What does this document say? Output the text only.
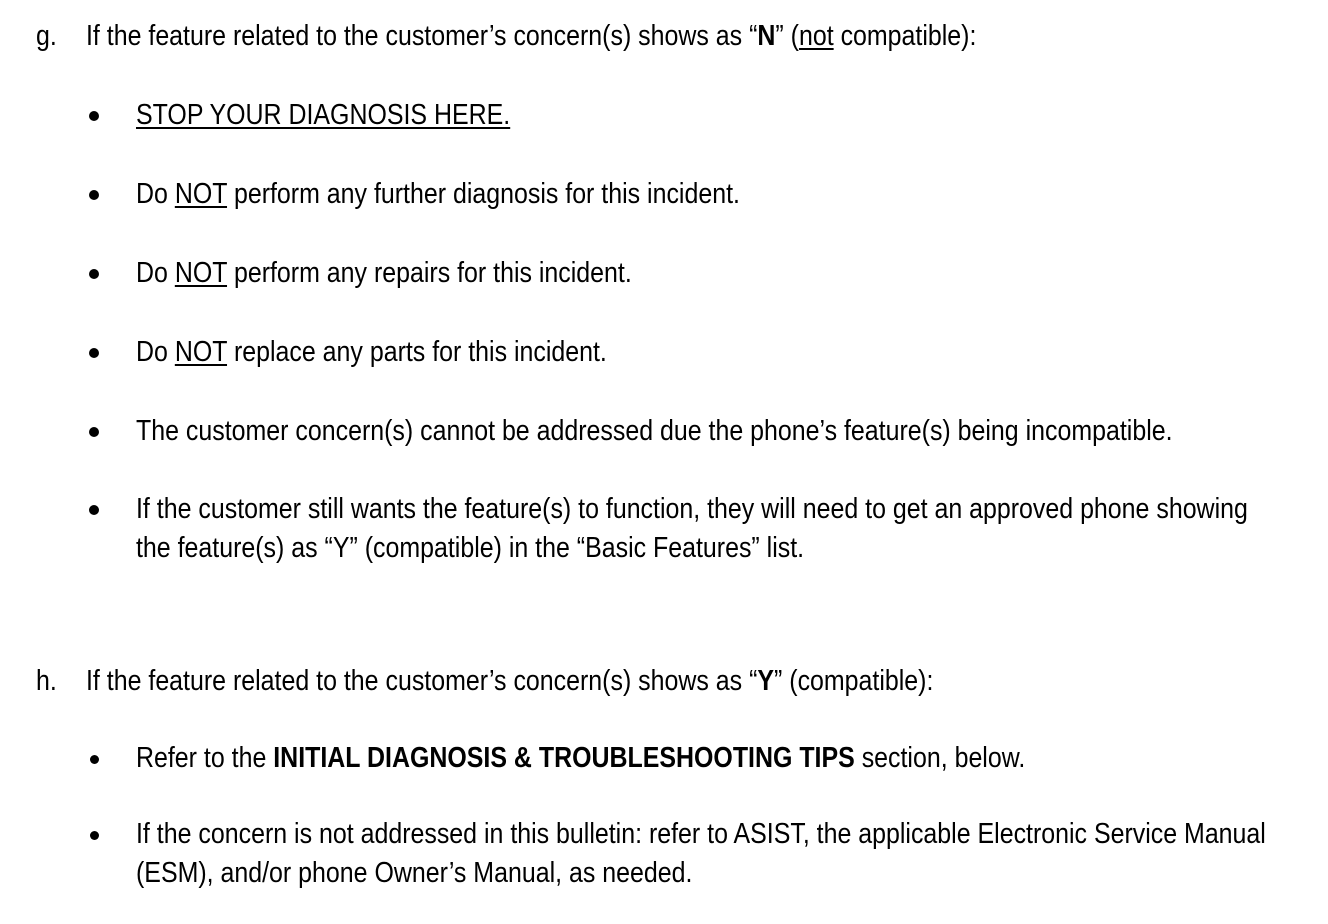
g. If the feature related to the customer’s concern(s) shows as “N” (not compatible):
STOP YOUR DIAGNOSIS HERE.
Do NOT perform any further diagnosis for this incident.
Do NOT perform any repairs for this incident.
Do NOT replace any parts for this incident.
The customer concern(s) cannot be addressed due the phone’s feature(s) being incompatible.
If the customer still wants the feature(s) to function, they will need to get an approved phone showing the feature(s) as “Y” (compatible) in the “Basic Features” list.
h. If the feature related to the customer’s concern(s) shows as “Y” (compatible):
Refer to the INITIAL DIAGNOSIS & TROUBLESHOOTING TIPS section, below.
If the concern is not addressed in this bulletin: refer to ASIST, the applicable Electronic Service Manual (ESM), and/or phone Owner’s Manual, as needed.
